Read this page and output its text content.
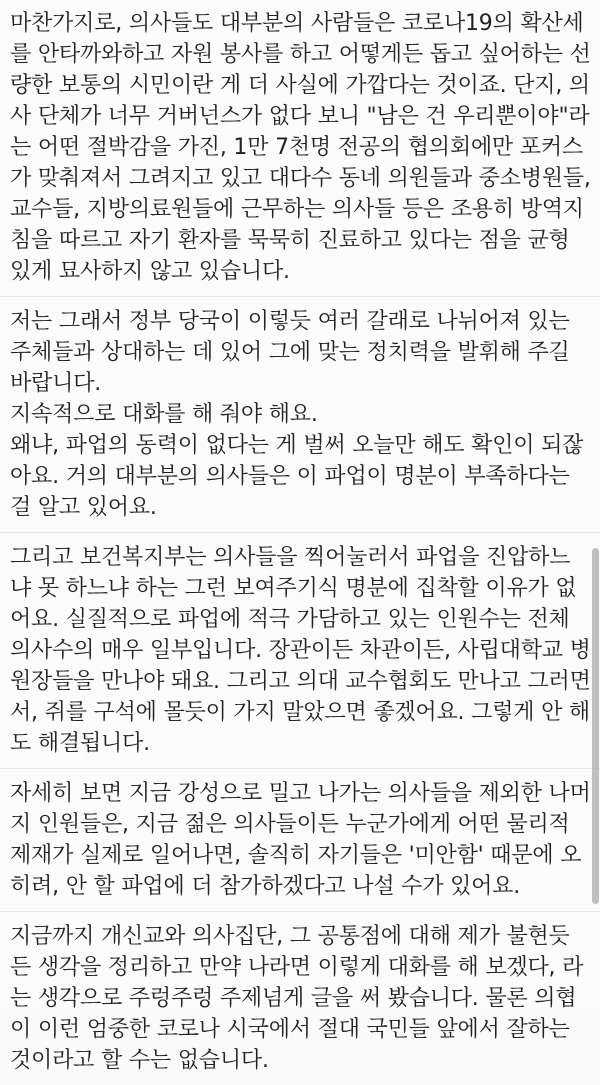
마찬가지로, 의사들도 대부분의 사람들은 코로나19의 확산세
를 안타까와하고 자원 봉사를 하고 어떻게든 돕고 싶어하는 선
량한 보통의 시민이란 게 더 사실에 가깝다는 것이죠. 단지, 의
사 단체가 너무 거버넌스가 없다 보니 "남은 건 우리뿐이야"라
는 어떤 절박감을 가진, 1만 7천명 전공의 협의회에만 포커스
가 맞춰져서 그려지고 있고 대다수 동네 의원들과 중소병원들,
교수들, 지방의료원들에 근무하는 의사들 등은 조용히 방역지
침을 따르고 자기 환자를 묵묵히 진료하고 있다는 점을 균형
있게 묘사하지 않고 있습니다.
저는 그래서 정부 당국이 이렇듯 여러 갈래로 나뉘어져 있는
주체들과 상대하는 데 있어 그에 맞는 정치력을 발휘해 주길
바랍니다.
지속적으로 대화를 해 줘야 해요.
왜냐, 파업의 동력이 없다는 게 벌써 오늘만 해도 확인이 되잖
아요. 거의 대부분의 의사들은 이 파업이 명분이 부족하다는
걸 알고 있어요.
그리고 보건복지부는 의사들을 찍어눌러서 파업을 진압하느
냐 못 하느냐 하는 그런 보여주기식 명분에 집착할 이유가 없
어요. 실질적으로 파업에 적극 가담하고 있는 인원수는 전체
의사수의 매우 일부입니다. 장관이든 차관이든, 사립대학교 병
원장들을 만나야 돼요. 그리고 의대 교수협회도 만나고 그러면
서, 쥐를 구석에 몰듯이 가지 말았으면 좋겠어요. 그렇게 안 해
도 해결됩니다.
자세히 보면 지금 강성으로 밀고 나가는 의사들을 제외한 나머
지 인원들은, 지금 젊은 의사들이든 누군가에게 어떤 물리적
제재가 실제로 일어나면, 솔직히 자기들은 '미안함' 때문에 오
히려, 안 할 파업에 더 참가하겠다고 나설 수가 있어요.
지금까지 개신교와 의사집단, 그 공통점에 대해 제가 불현듯
든 생각을 정리하고 만약 나라면 이렇게 대화를 해 보겠다, 라
는 생각으로 주렁주렁 주제넘게 글을 써 봤습니다. 물론 의협
이 이런 엄중한 코로나 시국에서 절대 국민들 앞에서 잘하는
것이라고 할 수는 없습니다.
